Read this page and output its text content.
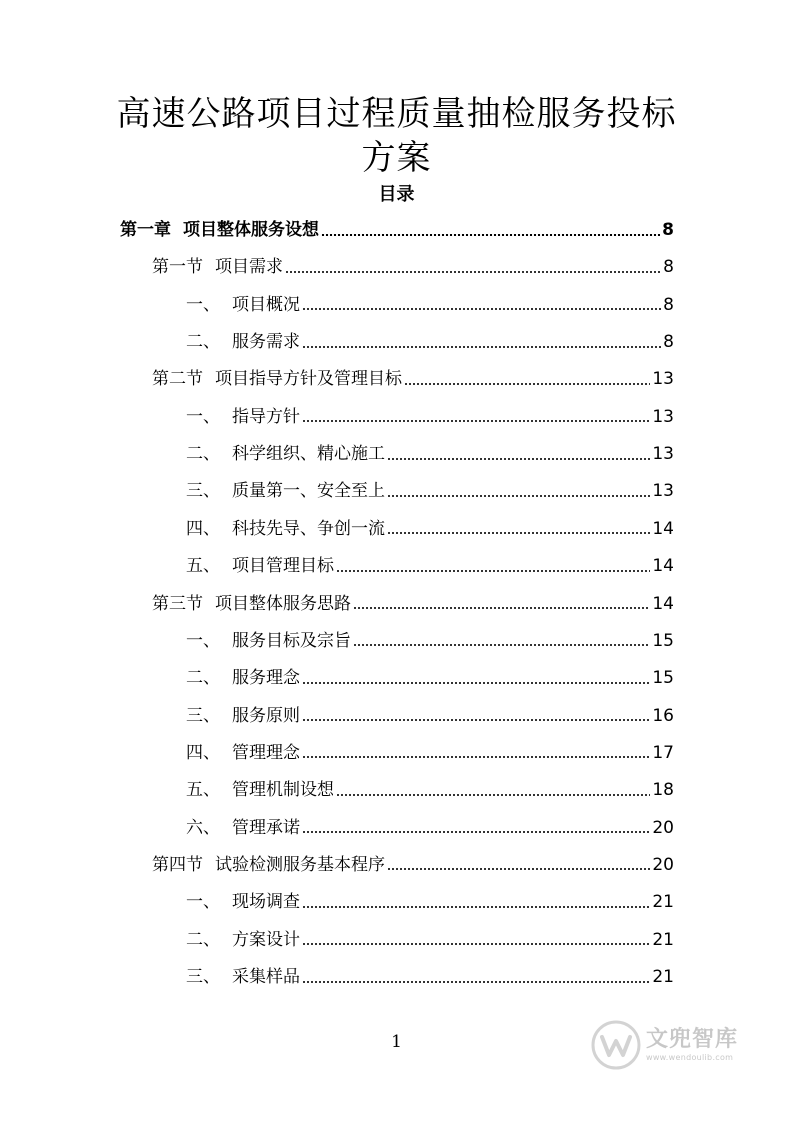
高速公路项目过程质量抽检服务投标方案
目录
第一章 项目整体服务设想	8
第一节 项目需求	8
一、 项目概况	8
二、 服务需求	8
第二节 项目指导方针及管理目标	13
一、 指导方针	13
二、 科学组织、精心施工	13
三、 质量第一、安全至上	13
四、 科技先导、争创一流	14
五、 项目管理目标	14
第三节 项目整体服务思路	14
一、 服务目标及宗旨	15
二、 服务理念	15
三、 服务原则	16
四、 管理理念	17
五、 管理机制设想	18
六、 管理承诺	20
第四节 试验检测服务基本程序	20
一、 现场调查	21
二、 方案设计	21
三、 采集样品	21
1	文兜智库
www.wendoulib.com
